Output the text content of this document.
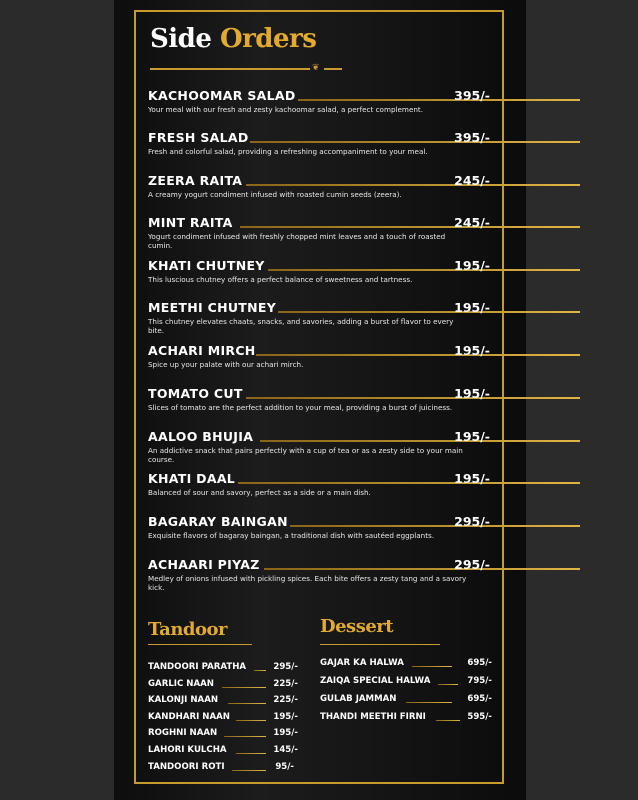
Side Orders
❦
KACHOOMAR SALAD	395/-
Your meal with our fresh and zesty kachoomar salad, a perfect complement.
FRESH SALAD	395/-
Fresh and colorful salad, providing a refreshing accompaniment to your meal.
ZEERA RAITA	245/-
A creamy yogurt condiment infused with roasted cumin seeds (zeera).
MINT RAITA	245/-
Yogurt condiment infused with freshly chopped mint leaves and a touch of roasted cumin.
KHATI CHUTNEY	195/-
This luscious chutney offers a perfect balance of sweetness and tartness.
MEETHI CHUTNEY	195/-
This chutney elevates chaats, snacks, and savories, adding a burst of flavor to every bite.
ACHARI MIRCH	195/-
Spice up your palate with our achari mirch.
TOMATO CUT	195/-
Slices of tomato are the perfect addition to your meal, providing a burst of juiciness.
AALOO BHUJIA	195/-
An addictive snack that pairs perfectly with a cup of tea or as a zesty side to your main course.
KHATI DAAL	195/-
Balanced of sour and savory, perfect as a side or a main dish.
BAGARAY BAINGAN	295/-
Exquisite flavors of bagaray baingan, a traditional dish with sautéed eggplants.
ACHAARI PIYAZ	295/-
Medley of onions infused with pickling spices. Each bite offers a zesty tang and a savory kick.
Tandoor
TANDOORI PARATHA	295/-
GARLIC NAAN	225/-
KALONJI NAAN	225/-
KANDHARI NAAN	195/-
ROGHNI NAAN	195/-
LAHORI KULCHA	145/-
TANDOORI ROTI	95/-
Dessert
GAJAR KA HALWA	695/-
ZAIQA SPECIAL HALWA	795/-
GULAB JAMMAN	695/-
THANDI MEETHI FIRNI	595/-
